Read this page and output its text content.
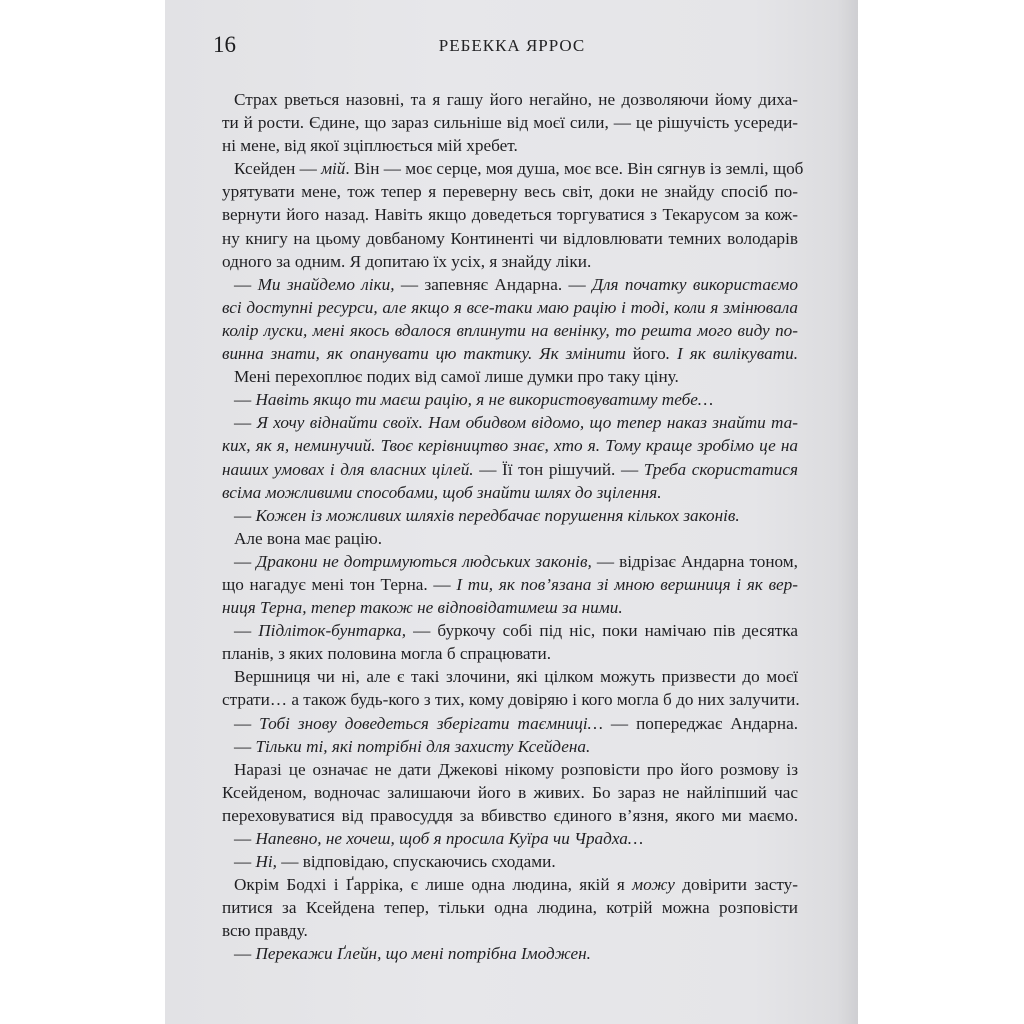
16	РЕБЕККА ЯРРОС
Страх рветься назовні, та я гашу його негайно, не дозволяючи йому диха-
ти й рости. Єдине, що зараз сильніше від моєї сили, — це рішучість усереди-
ні мене, від якої зціплюється мій хребет.
Ксейден — мій. Він — моє серце, моя душа, моє все. Він сягнув із землі, щоб
урятувати мене, тож тепер я переверну весь світ, доки не знайду спосіб по-
вернути його назад. Навіть якщо доведеться торгуватися з Текарусом за кож-
ну книгу на цьому довбаному Континенті чи відловлювати темних володарів
одного за одним. Я допитаю їх усіх, я знайду ліки.
— Ми знайдемо ліки, — запевняє Андарна. — Для початку використаємо
всі доступні ресурси, але якщо я все-таки маю рацію і тоді, коли я змінювала
колір луски, мені якось вдалося вплинути на венінку, то решта мого виду по-
винна знати, як опанувати цю тактику. Як змінити його. І як вилікувати.
Мені перехоплює подих від самої лише думки про таку ціну.
— Навіть якщо ти маєш рацію, я не використовуватиму тебе…
— Я хочу віднайти своїх. Нам обидвом відомо, що тепер наказ знайти та-
ких, як я, неминучий. Твоє керівництво знає, хто я. Тому краще зробімо це на
наших умовах і для власних цілей. — Її тон рішучий. — Треба скористатися
всіма можливими способами, щоб знайти шлях до зцілення.
— Кожен із можливих шляхів передбачає порушення кількох законів.
Але вона має рацію.
— Дракони не дотримуються людських законів, — відрізає Андарна тоном,
що нагадує мені тон Терна. — І ти, як пов’язана зі мною вершниця і як вер-
ниця Терна, тепер також не відповідатимеш за ними.
— Підліток-бунтарка, — буркочу собі під ніс, поки намічаю пів десятка
планів, з яких половина могла б спрацювати.
Вершниця чи ні, але є такі злочини, які цілком можуть призвести до моєї
страти… а також будь-кого з тих, кому довіряю і кого могла б до них залучити.
— Тобі знову доведеться зберігати таємниці… — попереджає Андарна.
— Тільки ті, які потрібні для захисту Ксейдена.
Наразі це означає не дати Джекові нікому розповісти про його розмову із
Ксейденом, водночас залишаючи його в живих. Бо зараз не найліпший час
переховуватися від правосуддя за вбивство єдиного в’язня, якого ми маємо.
— Напевно, не хочеш, щоб я просила Куїра чи Чрадха…
— Ні, — відповідаю, спускаючись сходами.
Окрім Бодхі і Ґарріка, є лише одна людина, якій я можу довірити засту-
питися за Ксейдена тепер, тільки одна людина, котрій можна розповісти
всю правду.
— Перекажи Ґлейн, що мені потрібна Імоджен.
